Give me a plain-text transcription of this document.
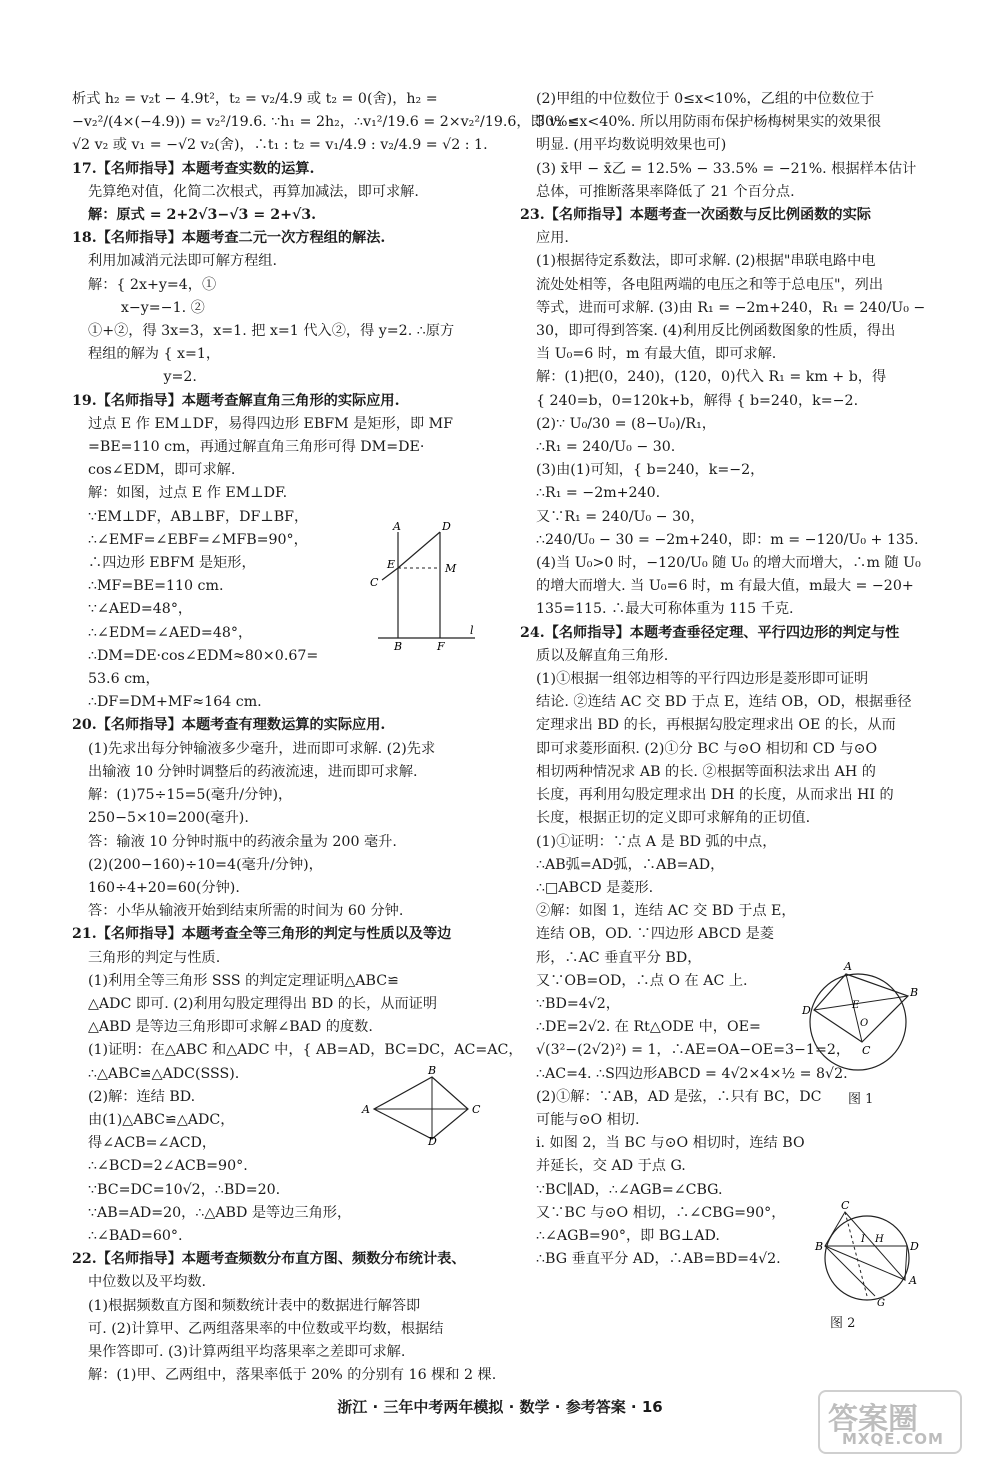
析式 h₂ = v₂t − 4.9t²，t₂ = v₂/4.9 或 t₂ = 0(舍)，h₂ =
−v₂²/(4×(−4.9)) = v₂²/19.6. ∵h₁ = 2h₂，∴v₁²/19.6 = 2×v₂²/19.6，即 v₁ =
√2 v₂ 或 v₁ = −√2 v₂(舍)，∴t₁ : t₂ = v₁/4.9 : v₂/4.9 = √2 : 1.
17.【名师指导】本题考查实数的运算.
先算绝对值，化简二次根式，再算加减法，即可求解.
解：原式 = 2+2√3−√3 = 2+√3.
18.【名师指导】本题考查二元一次方程组的解法.
利用加减消元法即可解方程组.
解：{ 2x+y=4，①
　　 x−y=−1. ②
①+②，得 3x=3，x=1. 把 x=1 代入②，得 y=2. ∴原方
程组的解为 { x=1，
　　　　　 y=2.
19.【名师指导】本题考查解直角三角形的实际应用.
过点 E 作 EM⊥DF，易得四边形 EBFM 是矩形，即 MF
=BE=110 cm，再通过解直角三角形可得 DM=DE·
cos∠EDM，即可求解.
解：如图，过点 E 作 EM⊥DF.
∵EM⊥DF，AB⊥BF，DF⊥BF，
∴∠EMF=∠EBF=∠MFB=90°，
∴四边形 EBFM 是矩形，
∴MF=BE=110 cm.
∵∠AED=48°，
∴∠EDM=∠AED=48°，
∴DM=DE·cos∠EDM≈80×0.67=
53.6 cm，
∴DF=DM+MF≈164 cm.
20.【名师指导】本题考查有理数运算的实际应用.
(1)先求出每分钟输液多少毫升，进而即可求解. (2)先求
出输液 10 分钟时调整后的药液流速，进而即可求解.
解：(1)75÷15=5(毫升/分钟)，
250−5×10=200(毫升).
答：输液 10 分钟时瓶中的药液余量为 200 毫升.
(2)(200−160)÷10=4(毫升/分钟)，
160÷4+20=60(分钟).
答：小华从输液开始到结束所需的时间为 60 分钟.
21.【名师指导】本题考查全等三角形的判定与性质以及等边
三角形的判定与性质.
(1)利用全等三角形 SSS 的判定定理证明△ABC≌
△ADC 即可. (2)利用勾股定理得出 BD 的长，从而证明
△ABD 是等边三角形即可求解∠BAD 的度数.
(1)证明：在△ABC 和△ADC 中，{ AB=AD，BC=DC，AC=AC，
∴△ABC≌△ADC(SSS).
(2)解：连结 BD.
由(1)△ABC≌△ADC，
得∠ACB=∠ACD，
∴∠BCD=2∠ACB=90°.
∵BC=DC=10√2，∴BD=20.
∵AB=AD=20，∴△ABD 是等边三角形，
∴∠BAD=60°.
22.【名师指导】本题考查频数分布直方图、频数分布统计表、
中位数以及平均数.
(1)根据频数直方图和频数统计表中的数据进行解答即
可. (2)计算甲、乙两组落果率的中位数或平均数，根据结
果作答即可. (3)计算两组平均落果率之差即可求解.
解：(1)甲、乙两组中，落果率低于 20% 的分别有 16 棵和 2 棵.
(2)甲组的中位数位于 0≤x<10%，乙组的中位数位于
30%≤x<40%. 所以用防雨布保护杨梅树果实的效果很
明显. (用平均数说明效果也可)
(3) x̄甲 − x̄乙 = 12.5% − 33.5% = −21%. 根据样本估计
总体，可推断落果率降低了 21 个百分点.
23.【名师指导】本题考查一次函数与反比例函数的实际
应用.
(1)根据待定系数法，即可求解. (2)根据"串联电路中电
流处处相等，各电阻两端的电压之和等于总电压"，列出
等式，进而可求解. (3)由 R₁ = −2m+240，R₁ = 240/U₀ −
30，即可得到答案. (4)利用反比例函数图象的性质，得出
当 U₀=6 时，m 有最大值，即可求解.
解：(1)把(0，240)，(120，0)代入 R₁ = km + b，得
{ 240=b，0=120k+b，解得 { b=240，k=−2.
(2)∵ U₀/30 = (8−U₀)/R₁，
∴R₁ = 240/U₀ − 30.
(3)由(1)可知，{ b=240，k=−2，
∴R₁ = −2m+240.
又∵R₁ = 240/U₀ − 30，
∴240/U₀ − 30 = −2m+240，即：m = −120/U₀ + 135.
(4)当 U₀>0 时，−120/U₀ 随 U₀ 的增大而增大，∴m 随 U₀
的增大而增大. 当 U₀=6 时，m 有最大值，m最大 = −20+
135=115. ∴最大可称体重为 115 千克.
24.【名师指导】本题考查垂径定理、平行四边形的判定与性
质以及解直角三角形.
(1)①根据一组邻边相等的平行四边形是菱形即可证明
结论. ②连结 AC 交 BD 于点 E，连结 OB，OD，根据垂径
定理求出 BD 的长，再根据勾股定理求出 OE 的长，从而
即可求菱形面积. (2)①分 BC 与⊙O 相切和 CD 与⊙O
相切两种情况求 AB 的长. ②根据等面积法求出 AH 的
长度，再利用勾股定理求出 DH 的长度，从而求出 HI 的
长度，根据正切的定义即可求解角的正切值.
(1)①证明：∵点 A 是 BD 弧的中点，
∴AB弧=AD弧，∴AB=AD，
∴□ABCD 是菱形.
②解：如图 1，连结 AC 交 BD 于点 E，
连结 OB，OD. ∵四边形 ABCD 是菱
形，∴AC 垂直平分 BD，
又∵OB=OD，∴点 O 在 AC 上.
∵BD=4√2，
∴DE=2√2. 在 Rt△ODE 中，OE=
√(3²−(2√2)²) = 1，∴AE=OA−OE=3−1=2，
∴AC=4. ∴S四边形ABCD = 4√2×4×½ = 8√2.
(2)①解：∵AB，AD 是弦，∴只有 BC，DC
可能与⊙O 相切.
i. 如图 2，当 BC 与⊙O 相切时，连结 BO
并延长，交 AD 于点 G.
∵BC∥AD，∴∠AGB=∠CBG.
又∵BC 与⊙O 相切，∴∠CBG=90°，
∴∠AGB=90°，即 BG⊥AD.
∴BG 垂直平分 AD，∴AB=BD=4√2.
A	D
E	M
C
B	F
l
A
B
C
D
A
B
C
D
O
E
图 1
C
B	D
A
H
I
G
图 2
浙江 · 三年中考两年模拟 · 数学 · 参考答案 · 16	答案圈
MXQE.COM
